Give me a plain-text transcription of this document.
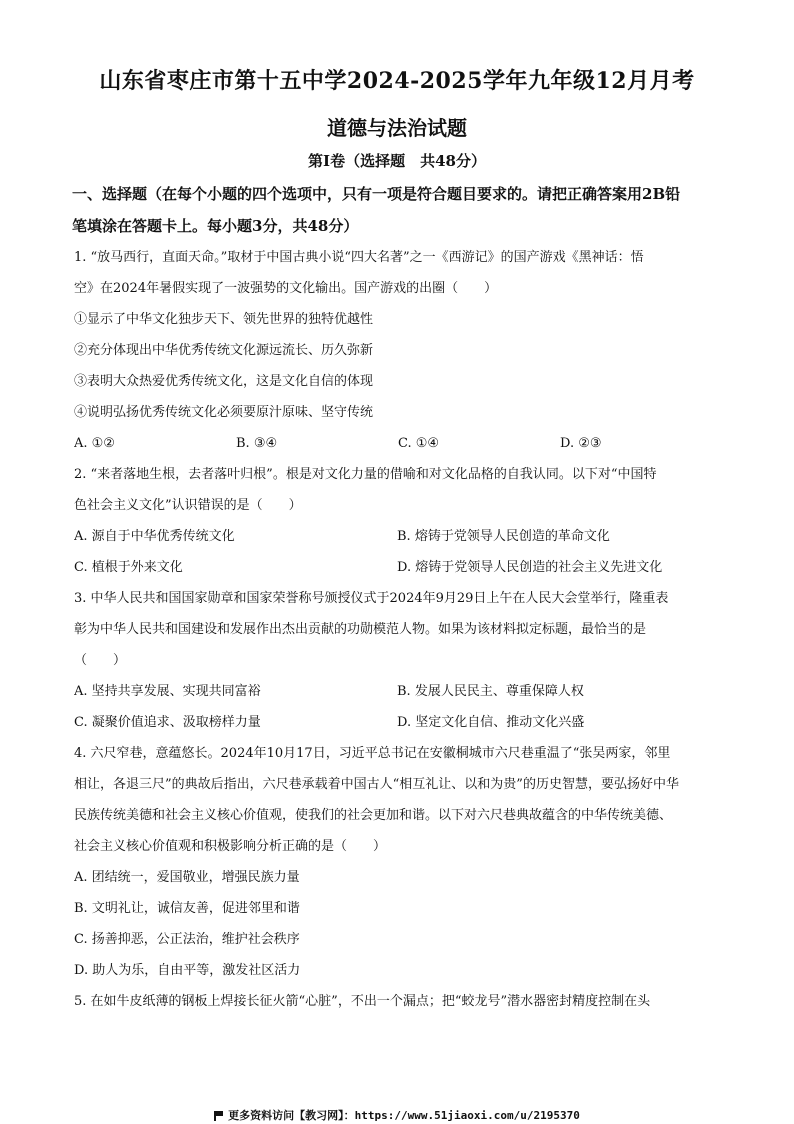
山东省枣庄市第十五中学2024-2025学年九年级12月月考
道德与法治试题
第Ⅰ卷（选择题　共48分）
一、选择题（在每个小题的四个选项中，只有一项是符合题目要求的。请把正确答案用2B铅
笔填涂在答题卡上。每小题3分，共48分）
1. “放马西行，直面天命。”取材于中国古典小说“四大名著”之一《西游记》的国产游戏《黑神话：悟
空》在2024年暑假实现了一波强势的文化输出。国产游戏的出圈（　　）
①显示了中华文化独步天下、领先世界的独特优越性
②充分体现出中华优秀传统文化源远流长、历久弥新
③表明大众热爱优秀传统文化，这是文化自信的体现
④说明弘扬优秀传统文化必须要原汁原味、坚守传统
A. ①②	B. ③④	C. ①④	D. ②③
2. “来者落地生根，去者落叶归根”。根是对文化力量的借喻和对文化品格的自我认同。以下对“中国特
色社会主义文化”认识错误的是（　　）
A. 源自于中华优秀传统文化	B. 熔铸于党领导人民创造的革命文化
C. 植根于外来文化	D. 熔铸于党领导人民创造的社会主义先进文化
3. 中华人民共和国国家勋章和国家荣誉称号颁授仪式于2024年9月29日上午在人民大会堂举行，隆重表
彰为中华人民共和国建设和发展作出杰出贡献的功勋模范人物。如果为该材料拟定标题，最恰当的是
（　　）
A. 坚持共享发展、实现共同富裕	B. 发展人民民主、尊重保障人权
C. 凝聚价值追求、汲取榜样力量	D. 坚定文化自信、推动文化兴盛
4. 六尺窄巷，意蕴悠长。2024年10月17日，习近平总书记在安徽桐城市六尺巷重温了“张吴两家，邻里
相让，各退三尺”的典故后指出，六尺巷承载着中国古人“相互礼让、以和为贵”的历史智慧，要弘扬好中华
民族传统美德和社会主义核心价值观，使我们的社会更加和谐。以下对六尺巷典故蕴含的中华传统美德、
社会主义核心价值观和积极影响分析正确的是（　　）
A. 团结统一，爱国敬业，增强民族力量
B. 文明礼让，诚信友善，促进邻里和谐
C. 扬善抑恶，公正法治，维护社会秩序
D. 助人为乐，自由平等，激发社区活力
5. 在如牛皮纸薄的钢板上焊接长征火箭“心脏”，不出一个漏点；把“蛟龙号”潜水器密封精度控制在头
更多资料访问【教习网】：https://www.51jiaoxi.com/u/2195370
